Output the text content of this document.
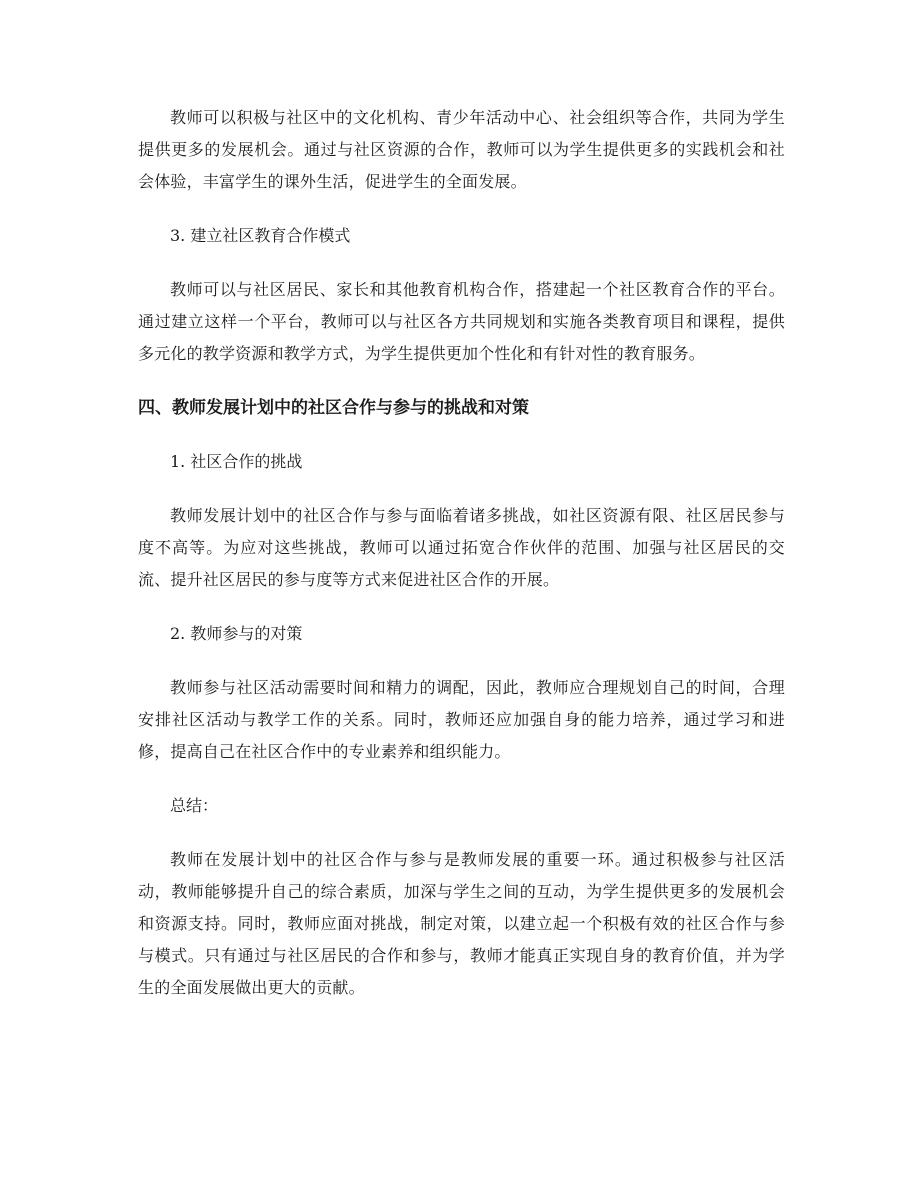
教师可以积极与社区中的文化机构、青少年活动中心、社会组织等合作，共同为学生提供更多的发展机会。通过与社区资源的合作，教师可以为学生提供更多的实践机会和社会体验，丰富学生的课外生活，促进学生的全面发展。

3. 建立社区教育合作模式

教师可以与社区居民、家长和其他教育机构合作，搭建起一个社区教育合作的平台。通过建立这样一个平台，教师可以与社区各方共同规划和实施各类教育项目和课程，提供多元化的教学资源和教学方式，为学生提供更加个性化和有针对性的教育服务。

四、教师发展计划中的社区合作与参与的挑战和对策

1. 社区合作的挑战

教师发展计划中的社区合作与参与面临着诸多挑战，如社区资源有限、社区居民参与度不高等。为应对这些挑战，教师可以通过拓宽合作伙伴的范围、加强与社区居民的交流、提升社区居民的参与度等方式来促进社区合作的开展。

2. 教师参与的对策

教师参与社区活动需要时间和精力的调配，因此，教师应合理规划自己的时间，合理安排社区活动与教学工作的关系。同时，教师还应加强自身的能力培养，通过学习和进修，提高自己在社区合作中的专业素养和组织能力。

总结：

教师在发展计划中的社区合作与参与是教师发展的重要一环。通过积极参与社区活动，教师能够提升自己的综合素质，加深与学生之间的互动，为学生提供更多的发展机会和资源支持。同时，教师应面对挑战，制定对策，以建立起一个积极有效的社区合作与参与模式。只有通过与社区居民的合作和参与，教师才能真正实现自身的教育价值，并为学生的全面发展做出更大的贡献。
